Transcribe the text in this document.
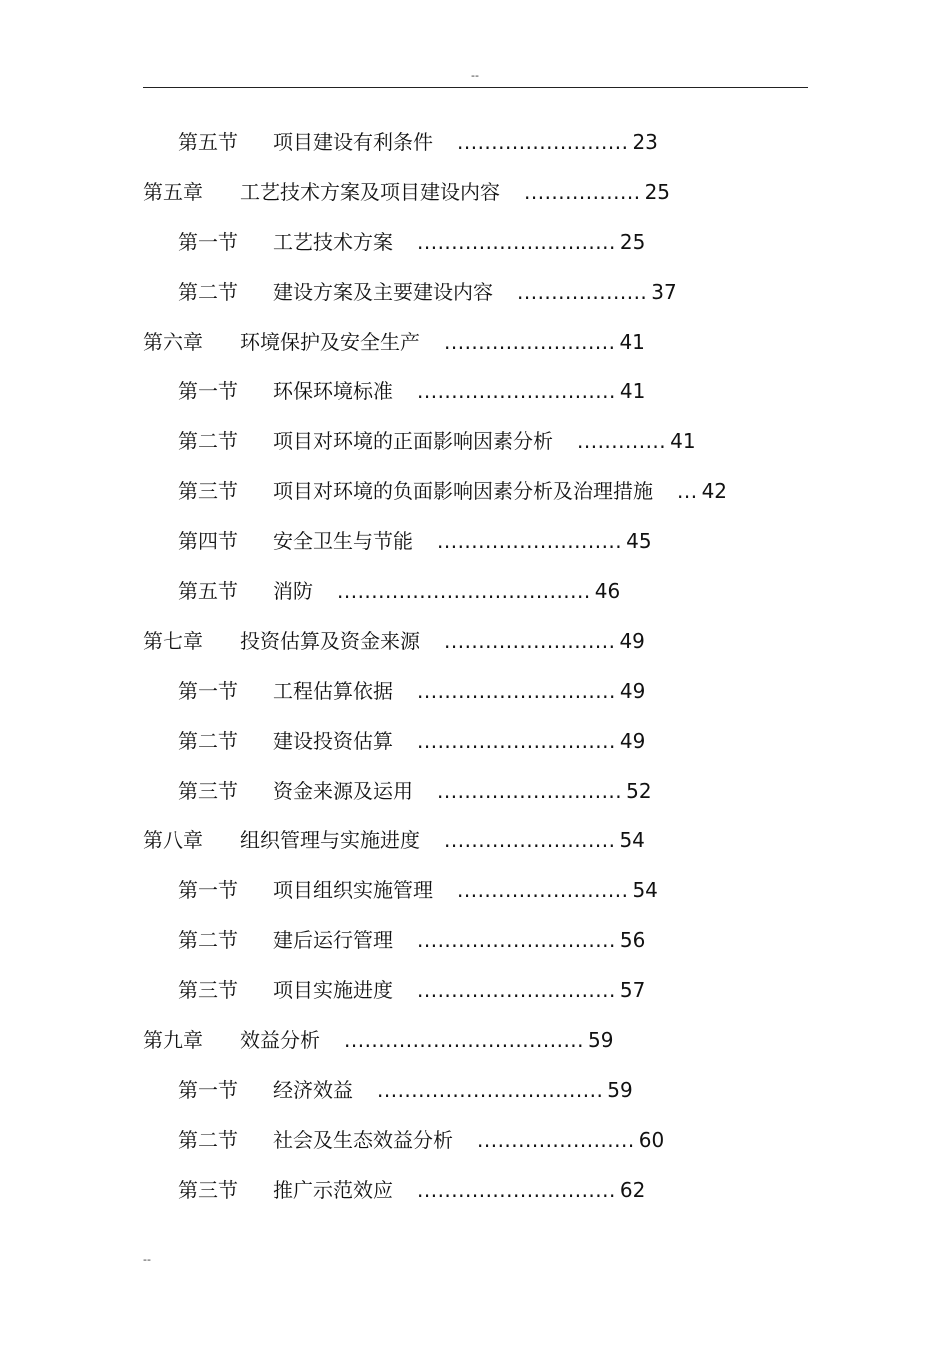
--
第五节 项目建设有利条件 ......................... 23
第五章 工艺技术方案及项目建设内容 ................. 25
第一节 工艺技术方案 ............................. 25
第二节 建设方案及主要建设内容 ................... 37
第六章 环境保护及安全生产 ......................... 41
第一节 环保环境标准 ............................. 41
第二节 项目对环境的正面影响因素分析 ............. 41
第三节 项目对环境的负面影响因素分析及治理措施 ... 42
第四节 安全卫生与节能 ........................... 45
第五节 消防 ..................................... 46
第七章 投资估算及资金来源 ......................... 49
第一节 工程估算依据 ............................. 49
第二节 建设投资估算 ............................. 49
第三节 资金来源及运用 ........................... 52
第八章 组织管理与实施进度 ......................... 54
第一节 项目组织实施管理 ......................... 54
第二节 建后运行管理 ............................. 56
第三节 项目实施进度 ............................. 57
第九章 效益分析 ................................... 59
第一节 经济效益 ................................. 59
第二节 社会及生态效益分析 ....................... 60
第三节 推广示范效应 ............................. 62
--
